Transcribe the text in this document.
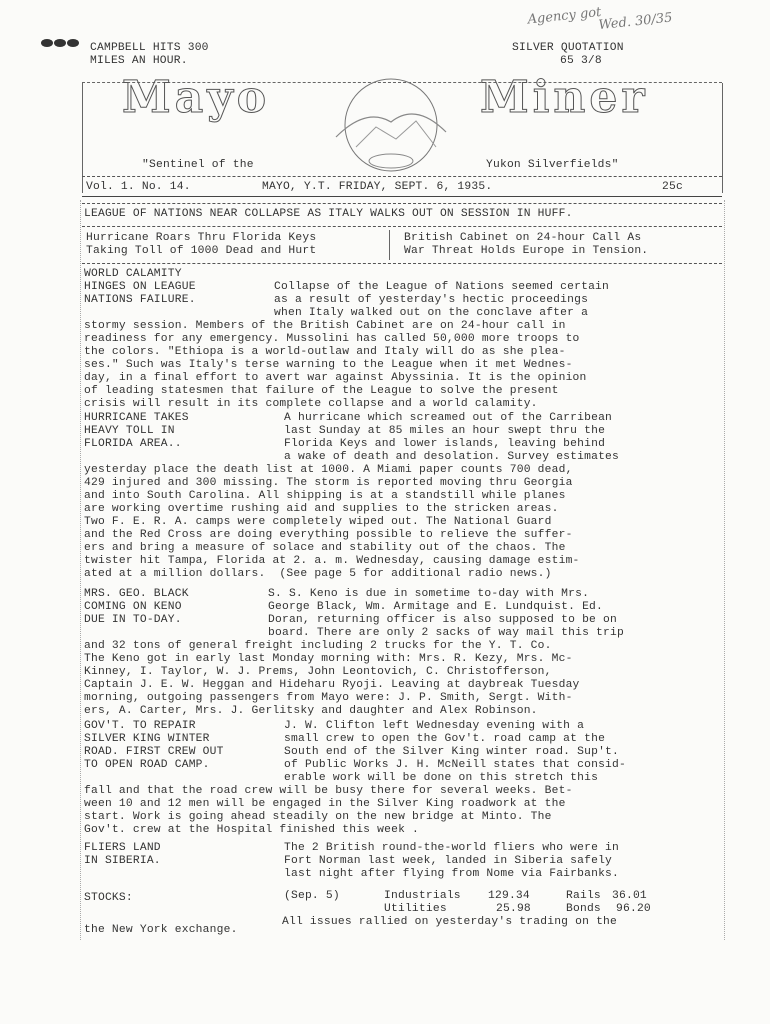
CAMPBELL HITS 300
MILES AN HOUR.
SILVER QUOTATION
65 3/8
Agency got
Wed. 30/35
Mayo	Miner
"Sentinel of the	Yukon Silverfields"
Vol. 1. No. 14.	MAYO, Y.T. FRIDAY, SEPT. 6, 1935.	25c
LEAGUE OF NATIONS NEAR COLLAPSE AS ITALY WALKS OUT ON SESSION IN HUFF.
Hurricane Roars Thru Florida Keys
Taking Toll of 1000 Dead and Hurt
British Cabinet on 24-hour Call As
War Threat Holds Europe in Tension.
WORLD CALAMITY
HINGES ON LEAGUE
NATIONS FAILURE.
Collapse of the League of Nations seemed certain
as a result of yesterday's hectic proceedings
when Italy walked out on the conclave after a
stormy session. Members of the British Cabinet are on 24-hour call in
readiness for any emergency. Mussolini has called 50,000 more troops to
the colors. "Ethiopa is a world-outlaw and Italy will do as she plea-
ses." Such was Italy's terse warning to the League when it met Wednes-
day, in a final effort to avert war against Abyssinia. It is the opinion
of leading statesmen that failure of the League to solve the present
crisis will result in its complete collapse and a world calamity.
HURRICANE TAKES
HEAVY TOLL IN
FLORIDA AREA..
A hurricane which screamed out of the Carribean
last Sunday at 85 miles an hour swept thru the
Florida Keys and lower islands, leaving behind
a wake of death and desolation. Survey estimates
yesterday place the death list at 1000. A Miami paper counts 700 dead,
429 injured and 300 missing. The storm is reported moving thru Georgia
and into South Carolina. All shipping is at a standstill while planes
are working overtime rushing aid and supplies to the stricken areas.
Two F. E. R. A. camps were completely wiped out. The National Guard
and the Red Cross are doing everything possible to relieve the suffer-
ers and bring a measure of solace and stability out of the chaos. The
twister hit Tampa, Florida at 2. a. m. Wednesday, causing damage estim-
ated at a million dollars.  (See page 5 for additional radio news.)
MRS. GEO. BLACK
COMING ON KENO
DUE IN TO-DAY.
S. S. Keno is due in sometime to-day with Mrs.
George Black, Wm. Armitage and E. Lundquist. Ed.
Doran, returning officer is also supposed to be on
board. There are only 2 sacks of way mail this trip
and 32 tons of general freight including 2 trucks for the Y. T. Co.
The Keno got in early last Monday morning with: Mrs. R. Kezy, Mrs. Mc-
Kinney, I. Taylor, W. J. Prems, John Leontovich, C. Christofferson,
Captain J. E. W. Heggan and Hideharu Ryoji. Leaving at daybreak Tuesday
morning, outgoing passengers from Mayo were: J. P. Smith, Sergt. With-
ers, A. Carter, Mrs. J. Gerlitsky and daughter and Alex Robinson.
GOV'T. TO REPAIR
SILVER KING WINTER
ROAD. FIRST CREW OUT
TO OPEN ROAD CAMP.
J. W. Clifton left Wednesday evening with a
small crew to open the Gov't. road camp at the
South end of the Silver King winter road. Sup't.
of Public Works J. H. McNeill states that consid-
erable work will be done on this stretch this
fall and that the road crew will be busy there for several weeks. Bet-
ween 10 and 12 men will be engaged in the Silver King roadwork at the
start. Work is going ahead steadily on the new bridge at Minto. The
Gov't. crew at the Hospital finished this week .
FLIERS LAND
IN SIBERIA.
The 2 British round-the-world fliers who were in
Fort Norman last week, landed in Siberia safely
last night after flying from Nome via Fairbanks.
STOCKS:	(Sep. 5)	Industrials 129.34	Rails 36.01
Utilities	25.98	Bonds 96.20
All issues rallied on yesterday's trading on the
the New York exchange.
